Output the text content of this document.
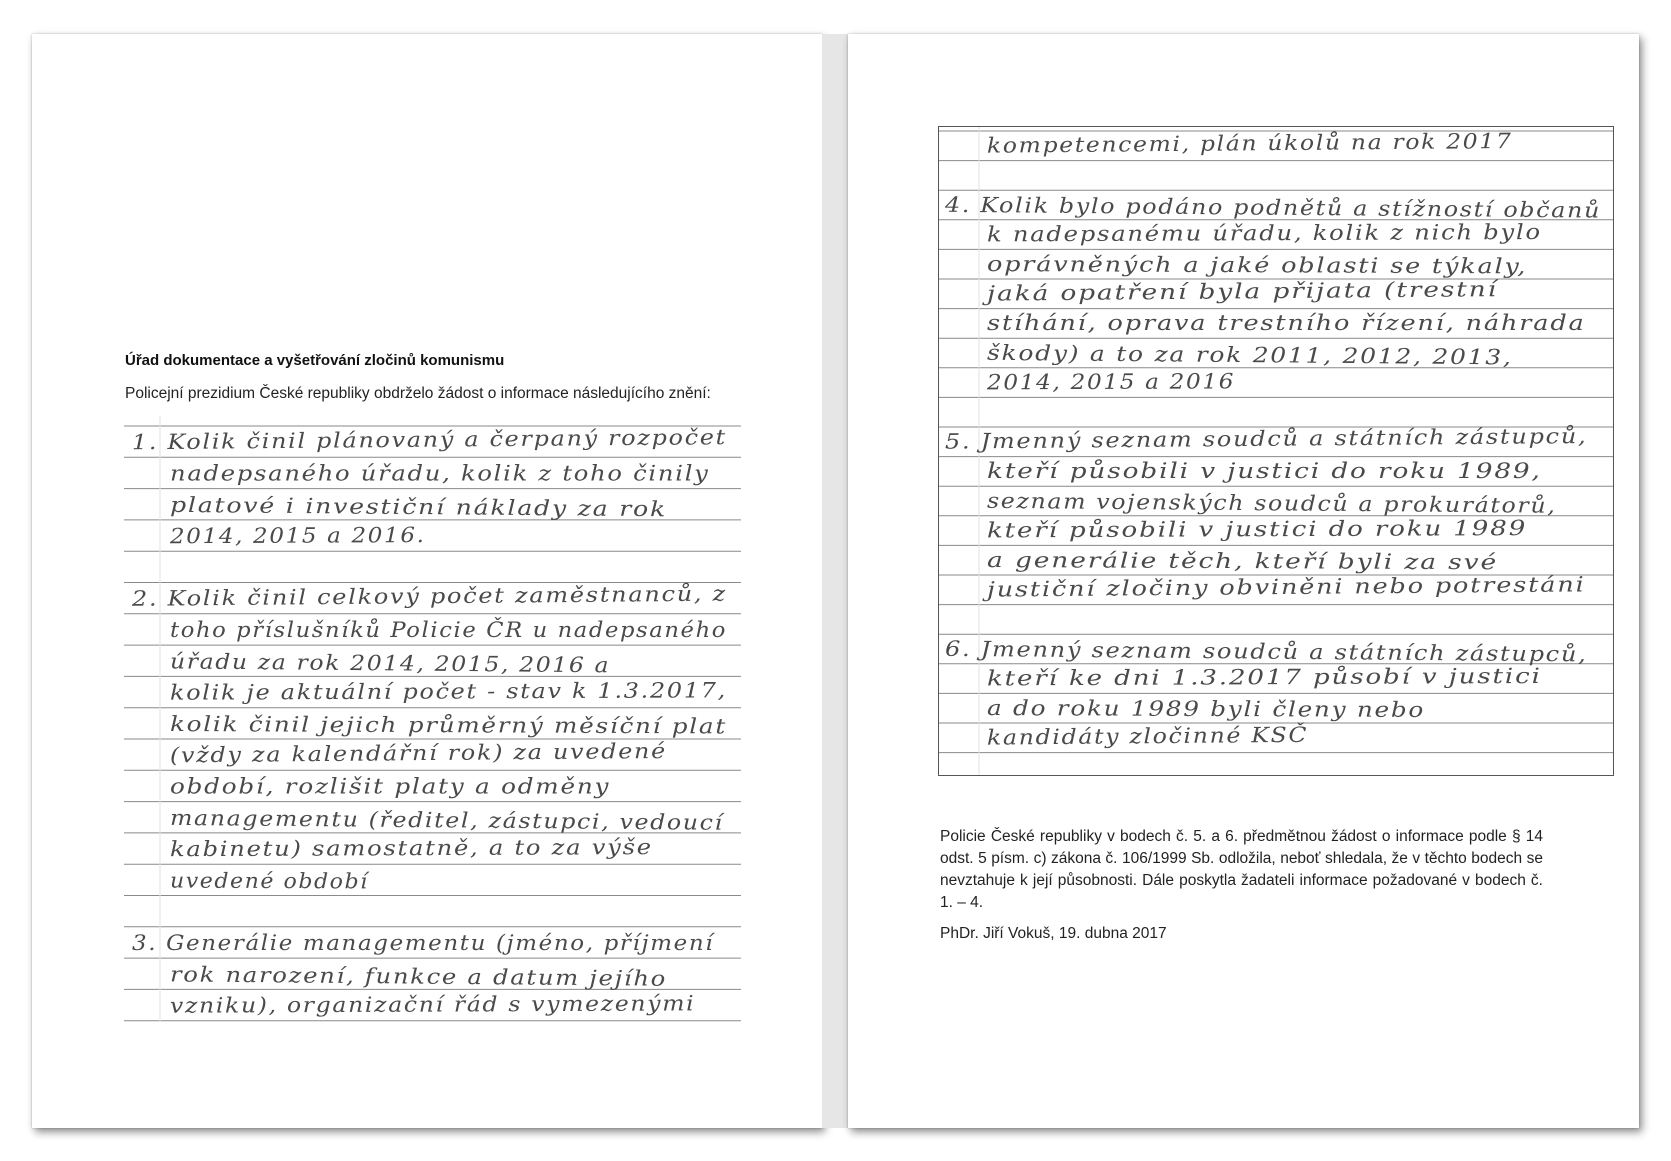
Úřad dokumentace a vyšetřování zločinů komunismu
Policejní prezidium České republiky obdrželo žádost o informace následujícího znění:
1. Kolik činil plánovaný a čerpaný rozpočet
nadepsaného úřadu, kolik z toho činily
platové i investiční náklady za rok
2014, 2015 a 2016.
2. Kolik činil celkový počet zaměstnanců, z
toho příslušníků Policie ČR u nadepsaného
úřadu za rok 2014, 2015, 2016 a
kolik je aktuální počet - stav k 1.3.2017,
kolik činil jejich průměrný měsíční plat
(vždy za kalendářní rok) za uvedené
období, rozlišit platy a odměny
managementu (ředitel, zástupci, vedoucí
kabinetu) samostatně, a to za výše
uvedené období
3. Generálie managementu (jméno, příjmení
rok narození, funkce a datum jejího
vzniku), organizační řád s vymezenými
kompetencemi, plán úkolů na rok 2017
4. Kolik bylo podáno podnětů a stížností občanů
k nadepsanému úřadu, kolik z nich bylo
oprávněných a jaké oblasti se týkaly,
jaká opatření byla přijata (trestní
stíhání, oprava trestního řízení, náhrada
škody) a to za rok 2011, 2012, 2013,
2014, 2015 a 2016
5. Jmenný seznam soudců a státních zástupců,
kteří působili v justici do roku 1989,
seznam vojenských soudců a prokurátorů,
kteří působili v justici do roku 1989
a generálie těch, kteří byli za své
justiční zločiny obviněni nebo potrestáni
6. Jmenný seznam soudců a státních zástupců,
kteří ke dni 1.3.2017 působí v justici
a do roku 1989 byli členy nebo
kandidáty zločinné KSČ
Policie České republiky v bodech č. 5. a 6. předmětnou žádost o informace podle § 14 odst. 5 písm. c) zákona č. 106/1999 Sb. odložila, neboť shledala, že v těchto bodech se nevztahuje k její působnosti. Dále poskytla žadateli informace požadované v bodech č. 1. – 4.
PhDr. Jiří Vokuš, 19. dubna 2017
